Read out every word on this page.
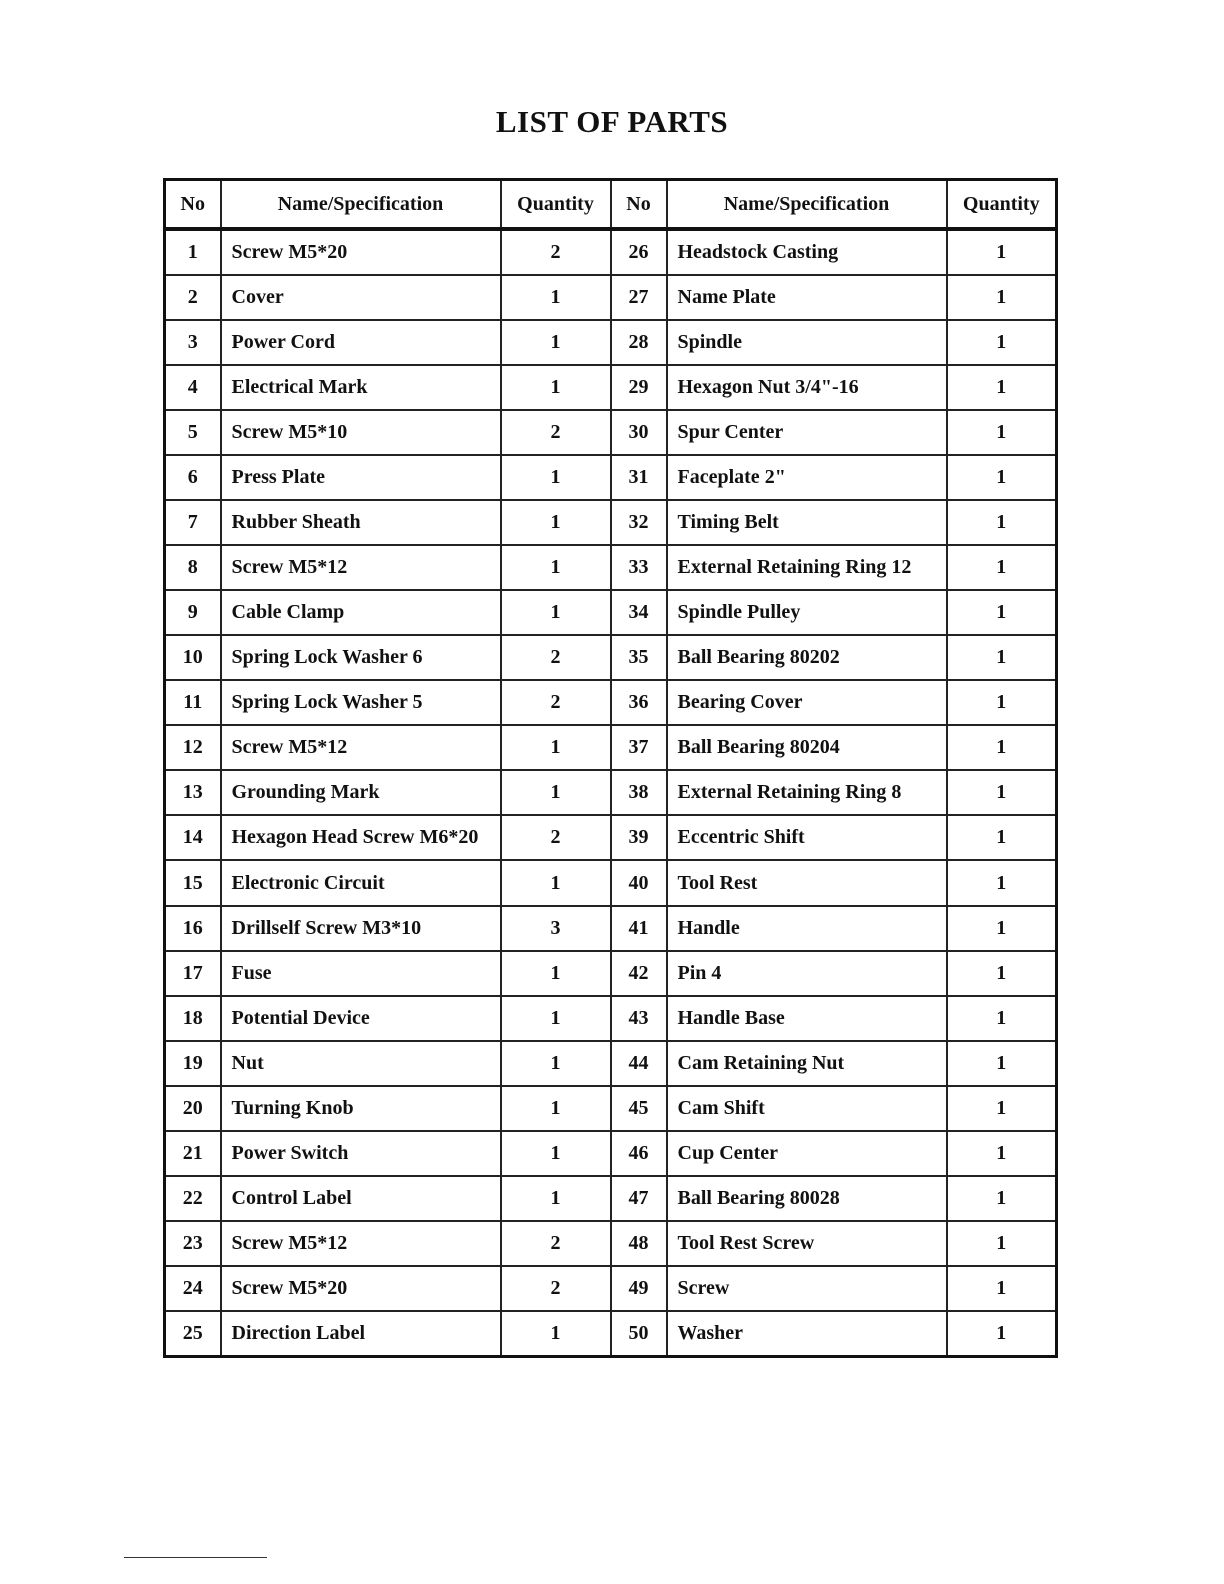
LIST OF PARTS
No	Name/Specification	Quantity	No	Name/Specification	Quantity
1	Screw M5*20	2	26	Headstock Casting	1
2	Cover	1	27	Name Plate	1
3	Power Cord	1	28	Spindle	1
4	Electrical Mark	1	29	Hexagon Nut 3/4"-16	1
5	Screw M5*10	2	30	Spur Center	1
6	Press Plate	1	31	Faceplate 2"	1
7	Rubber Sheath	1	32	Timing Belt	1
8	Screw M5*12	1	33	External Retaining Ring 12	1
9	Cable Clamp	1	34	Spindle Pulley	1
10	Spring Lock Washer 6	2	35	Ball Bearing 80202	1
11	Spring Lock Washer 5	2	36	Bearing Cover	1
12	Screw M5*12	1	37	Ball Bearing 80204	1
13	Grounding Mark	1	38	External Retaining Ring 8	1
14	Hexagon Head Screw M6*20	2	39	Eccentric Shift	1
15	Electronic Circuit	1	40	Tool Rest	1
16	Drillself Screw M3*10	3	41	Handle	1
17	Fuse	1	42	Pin 4	1
18	Potential Device	1	43	Handle Base	1
19	Nut	1	44	Cam Retaining Nut	1
20	Turning Knob	1	45	Cam Shift	1
21	Power Switch	1	46	Cup Center	1
22	Control Label	1	47	Ball Bearing 80028	1
23	Screw M5*12	2	48	Tool Rest Screw	1
24	Screw M5*20	2	49	Screw	1
25	Direction Label	1	50	Washer	1
